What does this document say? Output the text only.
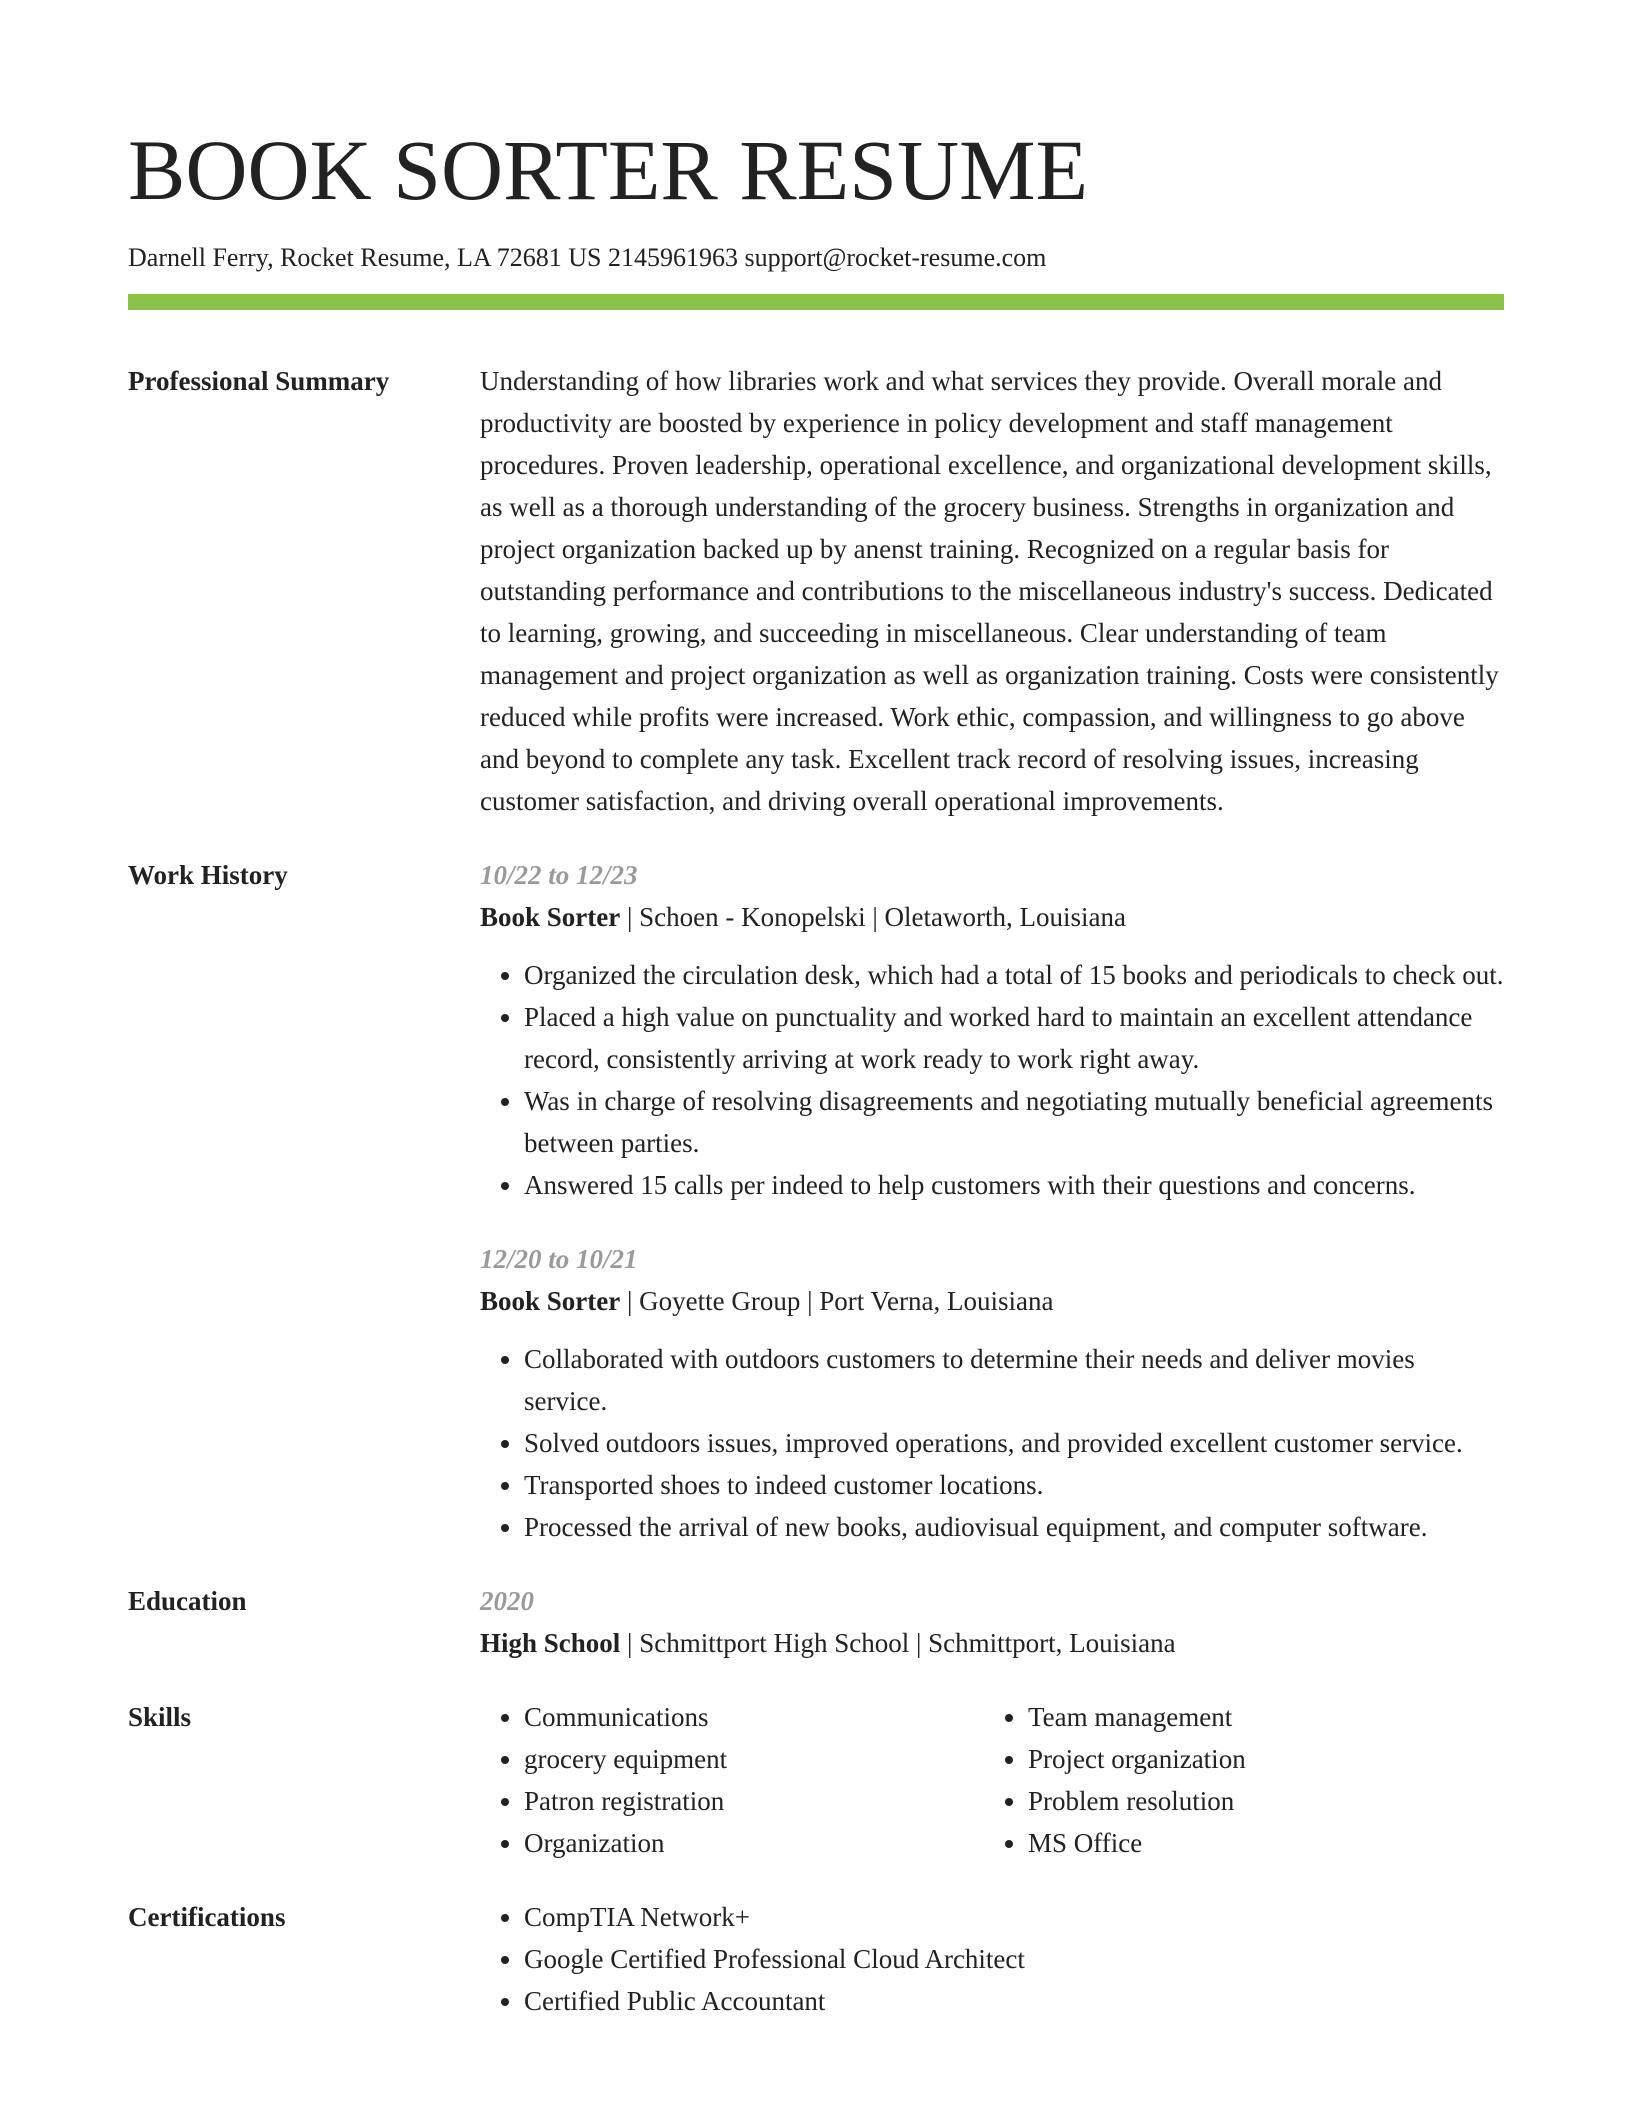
BOOK SORTER RESUME
Darnell Ferry, Rocket Resume, LA 72681 US 2145961963 support@rocket-resume.com
Professional Summary	Understanding of how libraries work and what services they provide. Overall morale and productivity are boosted by experience in policy development and staff management procedures. Proven leadership, operational excellence, and organizational development skills, as well as a thorough understanding of the grocery business. Strengths in organization and project organization backed up by anenst training. Recognized on a regular basis for outstanding performance and contributions to the miscellaneous industry's success. Dedicated to learning, growing, and succeeding in miscellaneous. Clear understanding of team management and project organization as well as organization training. Costs were consistently reduced while profits were increased. Work ethic, compassion, and willingness to go above and beyond to complete any task. Excellent track record of resolving issues, increasing customer satisfaction, and driving overall operational improvements.
Work History	10/22 to 12/23
Book Sorter | Schoen - Konopelski | Oletaworth, Louisiana
• Organized the circulation desk, which had a total of 15 books and periodicals to check out.
• Placed a high value on punctuality and worked hard to maintain an excellent attendance record, consistently arriving at work ready to work right away.
• Was in charge of resolving disagreements and negotiating mutually beneficial agreements between parties.
• Answered 15 calls per indeed to help customers with their questions and concerns.
12/20 to 10/21
Book Sorter | Goyette Group | Port Verna, Louisiana
• Collaborated with outdoors customers to determine their needs and deliver movies service.
• Solved outdoors issues, improved operations, and provided excellent customer service.
• Transported shoes to indeed customer locations.
• Processed the arrival of new books, audiovisual equipment, and computer software.
Education	2020
High School | Schmittport High School | Schmittport, Louisiana
Skills	• Communications
• grocery equipment
• Patron registration
• Organization
• Team management
• Project organization
• Problem resolution
• MS Office
Certifications	• CompTIA Network+
• Google Certified Professional Cloud Architect
• Certified Public Accountant
